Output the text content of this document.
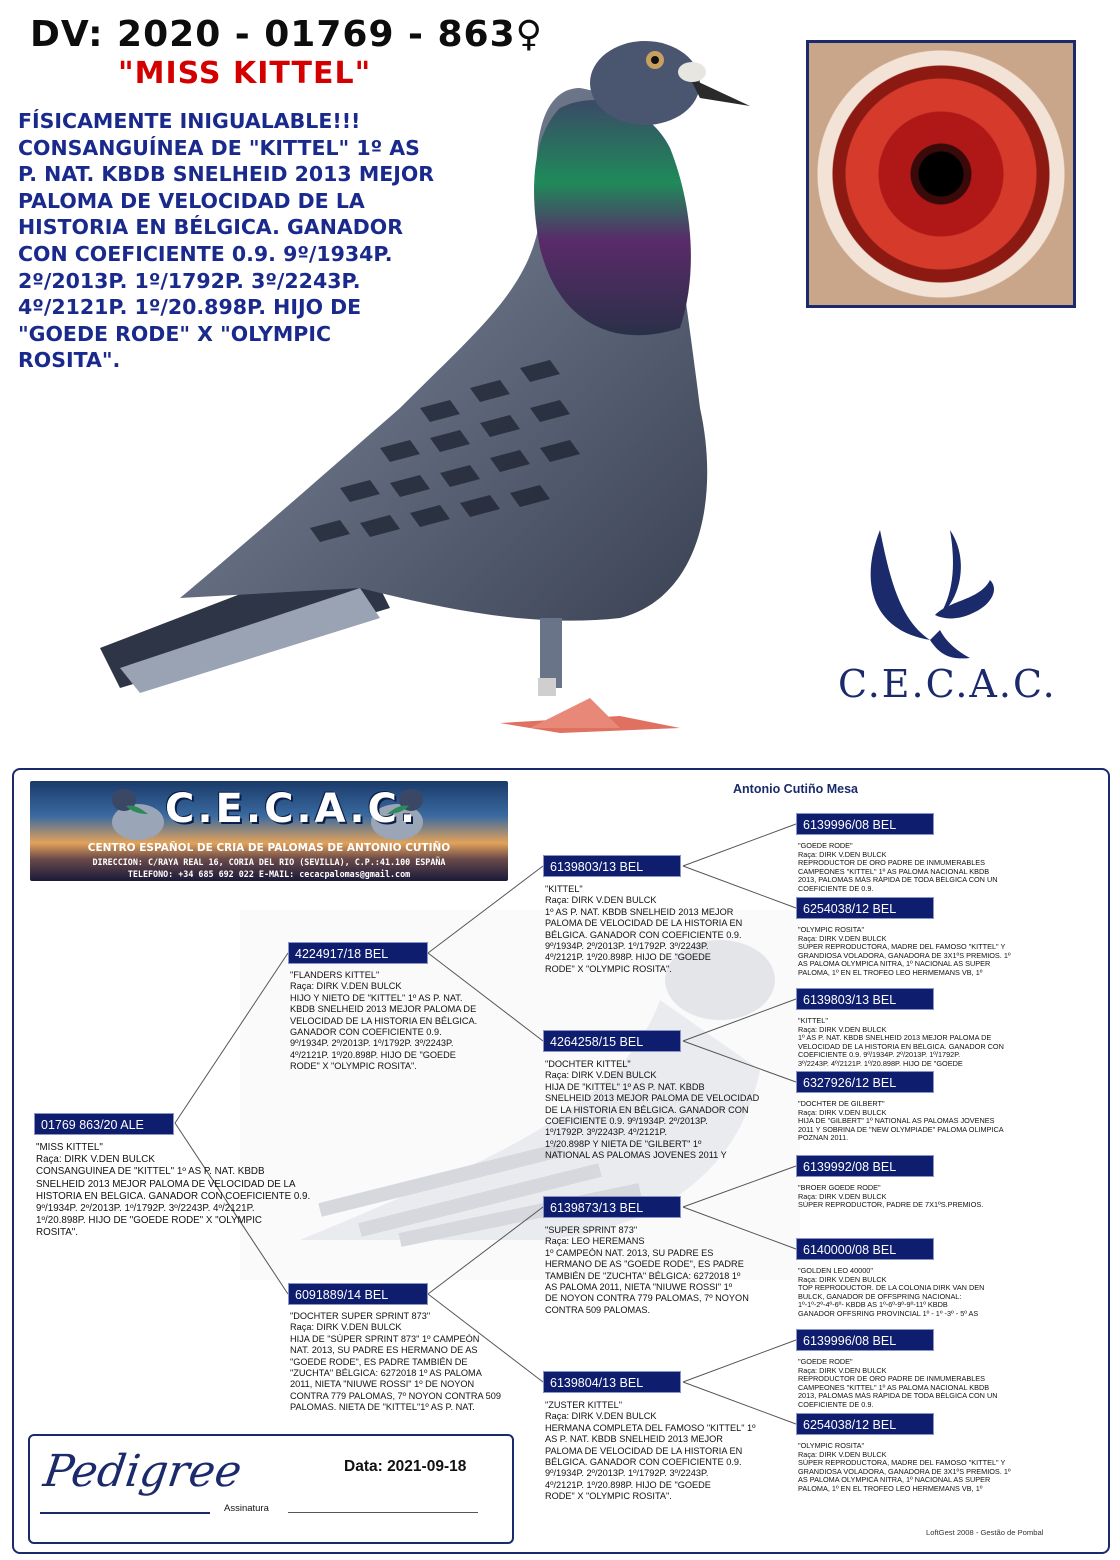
DV: 2020 - 01769 - 863♀
"MISS KITTEL"
FÍSICAMENTE INIGUALABLE!!!
CONSANGUÍNEA DE "KITTEL" 1º AS
P. NAT. KBDB SNELHEID 2013 MEJOR
PALOMA DE VELOCIDAD DE LA
HISTORIA EN BÉLGICA. GANADOR
CON COEFICIENTE 0.9. 9º/1934P.
2º/2013P. 1º/1792P. 3º/2243P.
4º/2121P. 1º/20.898P. HIJO DE
"GOEDE RODE" X "OLYMPIC
ROSITA".
C.E.C.A.C.
C.E.C.A.C.
CENTRO ESPAÑOL DE CRIA DE PALOMAS DE ANTONIO CUTIÑO
DIRECCION: C/RAYA REAL 16, CORIA DEL RIO (SEVILLA), C.P.:41.100 ESPAÑA
TELEFONO: +34 685 692 022 E-MAIL: cecacpalomas@gmail.com
Antonio Cutiño Mesa
01769 863/20 ALE
"MISS KITTEL"
Raça: DIRK V.DEN BULCK
CONSANGUÍNEA DE "KITTEL" 1º AS P. NAT. KBDB
SNELHEID 2013 MEJOR PALOMA DE VELOCIDAD DE LA
HISTORIA EN BÉLGICA. GANADOR CON COEFICIENTE 0.9.
9º/1934P. 2º/2013P. 1º/1792P. 3º/2243P. 4º/2121P.
1º/20.898P. HIJO DE "GOEDE RODE" X "OLYMPIC
ROSITA".
4224917/18 BEL
"FLANDERS KITTEL"
Raça: DIRK V.DEN BULCK
HIJO Y NIETO DE "KITTEL" 1º AS P. NAT.
KBDB SNELHEID 2013 MEJOR PALOMA DE
VELOCIDAD DE LA HISTORIA EN BÉLGICA.
GANADOR CON COEFICIENTE 0.9.
9º/1934P. 2º/2013P. 1º/1792P. 3º/2243P.
4º/2121P. 1º/20.898P. HIJO DE "GOEDE
RODE" X "OLYMPIC ROSITA".
6091889/14 BEL
"DOCHTER SUPER SPRINT 873"
Raça: DIRK V.DEN BULCK
HIJA DE "SÚPER SPRINT 873" 1º CAMPEÓN
NAT. 2013, SU PADRE ES HERMANO DE AS
"GOEDE RODE", ES PADRE TAMBIÉN DE
"ZUCHTA" BÉLGICA: 6272018 1º AS PALOMA
2011, NIETA "NIUWE ROSSI" 1º DE NOYON
CONTRA 779 PALOMAS, 7º NOYON CONTRA 509
PALOMAS. NIETA DE "KITTEL"1º AS P. NAT.
6139803/13 BEL
"KITTEL"
Raça: DIRK V.DEN BULCK
1º AS P. NAT. KBDB SNELHEID 2013 MEJOR
PALOMA DE VELOCIDAD DE LA HISTORIA EN
BÉLGICA. GANADOR CON COEFICIENTE 0.9.
9º/1934P. 2º/2013P. 1º/1792P. 3º/2243P.
4º/2121P. 1º/20.898P. HIJO DE "GOEDE
RODE" X "OLYMPIC ROSITA".
4264258/15 BEL
"DOCHTER KITTEL"
Raça: DIRK V.DEN BULCK
HIJA DE "KITTEL" 1º AS P. NAT. KBDB
SNELHEID 2013 MEJOR PALOMA DE VELOCIDAD
DE LA HISTORIA EN BÉLGICA. GANADOR CON
COEFICIENTE 0.9. 9º/1934P. 2º/2013P.
1º/1792P. 3º/2243P. 4º/2121P.
1º/20.898P Y NIETA DE "GILBERT" 1º
NATIONAL AS PALOMAS JOVENES 2011 Y
6139873/13 BEL
"SUPER SPRINT 873"
Raça: LEO HEREMANS
1º CAMPEÓN NAT. 2013, SU PADRE ES
HERMANO DE AS "GOEDE RODE", ES PADRE
TAMBIÉN DE "ZUCHTA" BÉLGICA: 6272018 1º
AS PALOMA 2011, NIETA "NIUWE ROSSI" 1º
DE NOYON CONTRA 779 PALOMAS, 7º NOYON
CONTRA 509 PALOMAS.
6139804/13 BEL
"ZUSTER KITTEL"
Raça: DIRK V.DEN BULCK
HERMANA COMPLETA DEL FAMOSO "KITTEL" 1º
AS P. NAT. KBDB SNELHEID 2013 MEJOR
PALOMA DE VELOCIDAD DE LA HISTORIA EN
BÉLGICA. GANADOR CON COEFICIENTE 0.9.
9º/1934P. 2º/2013P. 1º/1792P. 3º/2243P.
4º/2121P. 1º/20.898P. HIJO DE "GOEDE
RODE" X "OLYMPIC ROSITA".
6139996/08 BEL
"GOEDE RODE"
Raça: DIRK V.DEN BULCK
REPRODUCTOR DE ORO PADRE DE INMUMERABLES
CAMPEONES "KITTEL" 1º AS PALOMA NACIONAL KBDB
2013, PALOMAS MÁS RÁPIDA DE TODA BÉLGICA CON UN
COEFICIENTE DE 0.9.
6254038/12 BEL
"OLYMPIC ROSITA"
Raça: DIRK V.DEN BULCK
SÚPER REPRODUCTORA, MADRE DEL FAMOSO "KITTEL" Y
GRANDIOSA VOLADORA, GANADORA DE 3X1ºS PREMIOS. 1º
AS PALOMA OLYMPICA NITRA, 1º NACIONAL AS SUPER
PALOMA, 1º EN EL TROFEO LEO HERMEMANS VB, 1º
6139803/13 BEL
"KITTEL"
Raça: DIRK V.DEN BULCK
1º AS P. NAT. KBDB SNELHEID 2013 MEJOR PALOMA DE
VELOCIDAD DE LA HISTORIA EN BÉLGICA. GANADOR CON
COEFICIENTE 0.9. 9º/1934P. 2º/2013P. 1º/1792P.
3º/2243P. 4º/2121P. 1º/20.898P. HIJO DE "GOEDE
6327926/12 BEL
"DOCHTER DE GILBERT"
Raça: DIRK V.DEN BULCK
HIJA DE "GILBERT" 1º NATIONAL AS PALOMAS JOVENES
2011 Y SOBRINA DE "NEW OLYMPIADE" PALOMA OLIMPICA
POZNAN 2011.
6139992/08 BEL
"BROER GOEDE RODE"
Raça: DIRK V.DEN BULCK
SÚPER REPRODUCTOR, PADRE DE 7X1ºS.PREMIOS.
6140000/08 BEL
"GOLDEN LEO 40000"
Raça: DIRK V.DEN BULCK
TOP REPRODUCTOR. DE LA COLONIA DIRK VAN DEN
BULCK, GANADOR DE OFFSPRING NACIONAL:
1º-1º-2º-4º-6º- KBDB AS 1º-6º-9º-9º-11º KBDB
GANADOR OFFSRING PROVINCIAL 1º - 1º -3º - 5º AS
6139996/08 BEL
"GOEDE RODE"
Raça: DIRK V.DEN BULCK
REPRODUCTOR DE ORO PADRE DE INMUMERABLES
CAMPEONES "KITTEL" 1º AS PALOMA NACIONAL KBDB
2013, PALOMAS MÁS RÁPIDA DE TODA BÉLGICA CON UN
COEFICIENTE DE 0.9.
6254038/12 BEL
"OLYMPIC ROSITA"
Raça: DIRK V.DEN BULCK
SÚPER REPRODUCTORA, MADRE DEL FAMOSO "KITTEL" Y
GRANDIOSA VOLADORA, GANADORA DE 3X1ºS PREMIOS. 1º
AS PALOMA OLYMPICA NITRA, 1º NACIONAL AS SUPER
PALOMA, 1º EN EL TROFEO LEO HERMEMANS VB, 1º
Pedigree	Data: 2021-09-18
Assinatura
LoftGest 2008 - Gestão de Pombal
